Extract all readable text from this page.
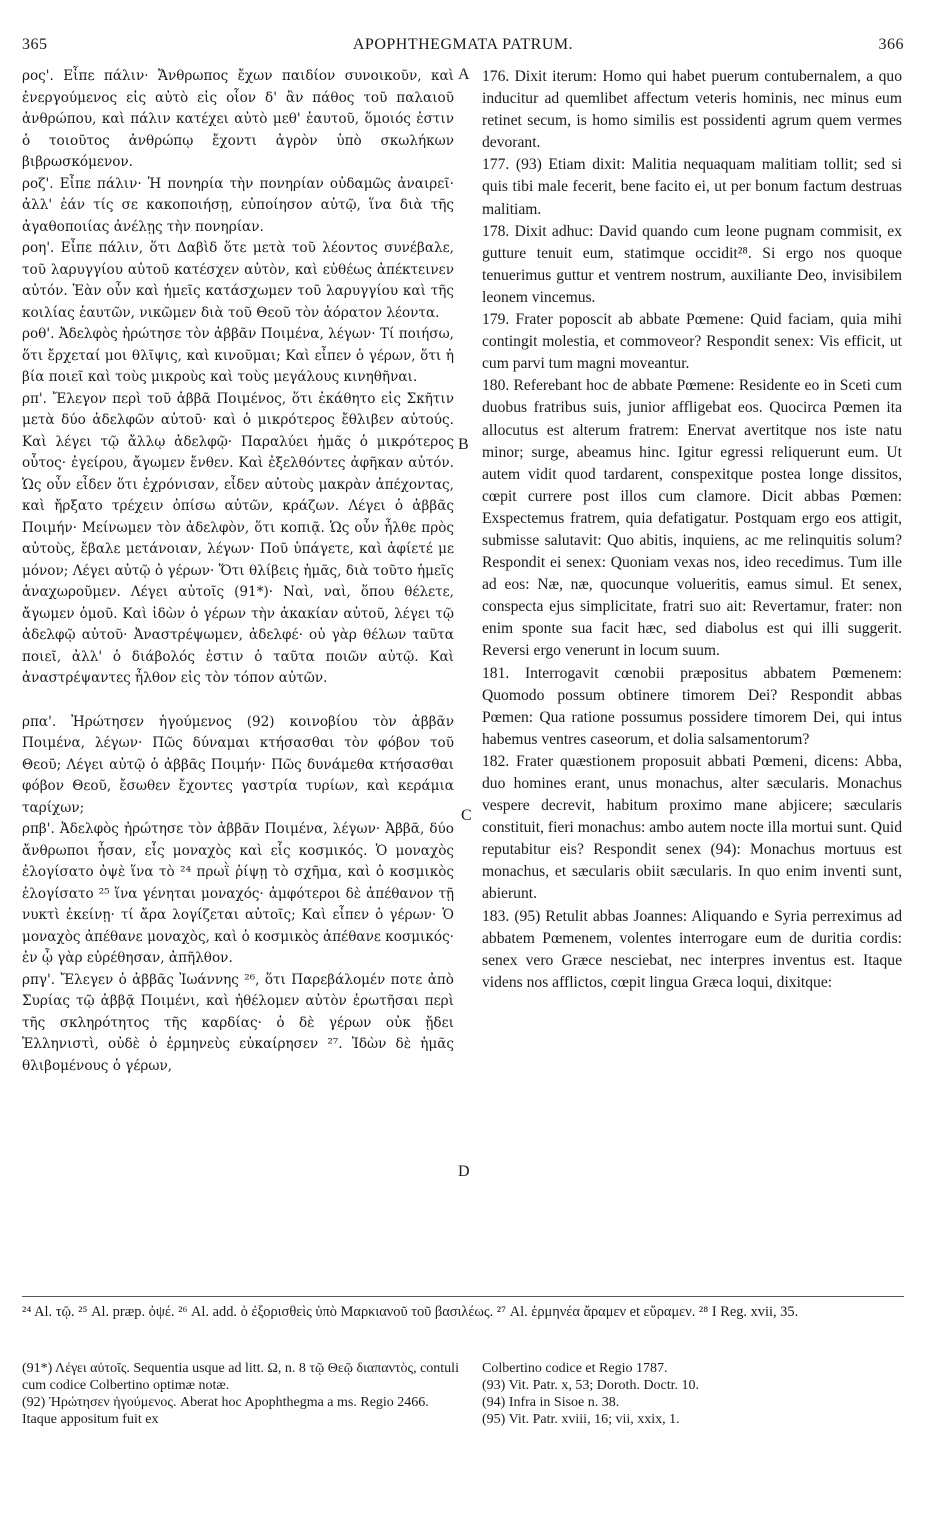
365	APOPHTHEGMATA PATRUM.	366
A
B
C
D

ρος'. Εἶπε πάλιν· Ἄνθρωπος ἔχων παιδίον συνοικοῦν, καὶ ἐνεργούμενος εἰς αὐτὸ εἰς οἷον δ' ἂν πάθος τοῦ παλαιοῦ ἀνθρώπου, καὶ πάλιν κατέχει αὐτὸ μεθ' ἑαυτοῦ, ὅμοιός ἐστιν ὁ τοιοῦτος ἀνθρώπῳ ἔχοντι ἀγρὸν ὑπὸ σκωλήκων βιβρωσκόμενον.

ροζ'. Εἶπε πάλιν· Ἡ πονηρία τὴν πονηρίαν οὐδαμῶς ἀναιρεῖ· ἀλλ' ἐάν τίς σε κακοποιήσῃ, εὐποίησον αὐτῷ, ἵνα διὰ τῆς ἀγαθοποιίας ἀνέλῃς τὴν πονηρίαν.

ροη'. Εἶπε πάλιν, ὅτι Δαβὶδ ὅτε μετὰ τοῦ λέοντος συνέβαλε, τοῦ λαρυγγίου αὐτοῦ κατέσχεν αὐτὸν, καὶ εὐθέως ἀπέκτεινεν αὐτόν. Ἐὰν οὖν καὶ ἡμεῖς κατάσχωμεν τοῦ λαρυγγίου καὶ τῆς κοιλίας ἑαυτῶν, νικῶμεν διὰ τοῦ Θεοῦ τὸν ἀόρατον λέοντα.

ροθ'. Ἀδελφὸς ἠρώτησε τὸν ἀββᾶν Ποιμένα, λέγων· Τί ποιήσω, ὅτι ἔρχεταί μοι θλῖψις, καὶ κινοῦμαι; Καὶ εἶπεν ὁ γέρων, ὅτι ἡ βία ποιεῖ καὶ τοὺς μικροὺς καὶ τοὺς μεγάλους κινηθῆναι.

ρπ'. Ἔλεγον περὶ τοῦ ἀββᾶ Ποιμένος, ὅτι ἐκάθητο εἰς Σκῆτιν μετὰ δύο ἀδελφῶν αὐτοῦ· καὶ ὁ μικρότερος ἔθλιβεν αὐτούς. Καὶ λέγει τῷ ἄλλῳ ἀδελφῷ· Παραλύει ἡμᾶς ὁ μικρότερος οὗτος· ἐγείρου, ἄγωμεν ἔνθεν. Καὶ ἐξελθόντες ἀφῆκαν αὐτόν. Ὡς οὖν εἶδεν ὅτι ἐχρόνισαν, εἶδεν αὐτοὺς μακρὰν ἀπέχοντας, καὶ ἤρξατο τρέχειν ὀπίσω αὐτῶν, κράζων. Λέγει ὁ ἀββᾶς Ποιμήν· Μείνωμεν τὸν ἀδελφὸν, ὅτι κοπιᾷ. Ὡς οὖν ἦλθε πρὸς αὐτοὺς, ἔβαλε μετάνοιαν, λέγων· Ποῦ ὑπάγετε, καὶ ἀφίετέ με μόνον; Λέγει αὐτῷ ὁ γέρων· Ὅτι θλίβεις ἡμᾶς, διὰ τοῦτο ἡμεῖς ἀναχωροῦμεν. Λέγει αὐτοῖς (91*)· Ναὶ, ναὶ, ὅπου θέλετε, ἄγωμεν ὁμοῦ. Καὶ ἰδὼν ὁ γέρων τὴν ἀκακίαν αὐτοῦ, λέγει τῷ ἀδελφῷ αὐτοῦ· Ἀναστρέψωμεν, ἀδελφέ· οὐ γὰρ θέλων ταῦτα ποιεῖ, ἀλλ' ὁ διάβολός ἐστιν ὁ ταῦτα ποιῶν αὐτῷ. Καὶ ἀναστρέψαντες ἦλθον εἰς τὸν τόπον αὐτῶν.

ρπα'. Ἠρώτησεν ἡγούμενος (92) κοινοβίου τὸν ἀββᾶν Ποιμένα, λέγων· Πῶς δύναμαι κτήσασθαι τὸν φόβον τοῦ Θεοῦ; Λέγει αὐτῷ ὁ ἀββᾶς Ποιμήν· Πῶς δυνάμεθα κτήσασθαι φόβον Θεοῦ, ἔσωθεν ἔχοντες γαστρία τυρίων, καὶ κεράμια ταρίχων;

ρπβ'. Ἀδελφὸς ἠρώτησε τὸν ἀββᾶν Ποιμένα, λέγων· Ἀββᾶ, δύο ἄνθρωποι ἦσαν, εἷς μοναχὸς καὶ εἷς κοσμικός. Ὁ μοναχὸς ἐλογίσατο ὀψὲ ἵνα τὸ ²⁴ πρωῒ ῥίψῃ τὸ σχῆμα, καὶ ὁ κοσμικὸς ἐλογίσατο ²⁵ ἵνα γένηται μοναχός· ἀμφότεροι δὲ ἀπέθανον τῇ νυκτὶ ἐκείνῃ· τί ἄρα λογίζεται αὐτοῖς; Καὶ εἶπεν ὁ γέρων· Ὁ μοναχὸς ἀπέθανε μοναχὸς, καὶ ὁ κοσμικὸς ἀπέθανε κοσμικός· ἐν ᾧ γὰρ εὑρέθησαν, ἀπῆλθον.

ρπγ'. Ἔλεγεν ὁ ἀββᾶς Ἰωάννης ²⁶, ὅτι Παρεβάλομέν ποτε ἀπὸ Συρίας τῷ ἀββᾷ Ποιμένι, καὶ ἠθέλομεν αὐτὸν ἐρωτῆσαι περὶ τῆς σκληρότητος τῆς καρδίας· ὁ δὲ γέρων οὐκ ᾔδει Ἑλληνιστὶ, οὐδὲ ὁ ἑρμηνεὺς εὐκαίρησεν ²⁷. Ἰδὼν δὲ ἡμᾶς θλιβομένους ὁ γέρων,

176. Dixit iterum: Homo qui habet puerum contubernalem, a quo inducitur ad quemlibet affectum veteris hominis, nec minus eum retinet secum, is homo similis est possidenti agrum quem vermes devorant.

177. (93) Etiam dixit: Malitia nequaquam malitiam tollit; sed si quis tibi male fecerit, bene facito ei, ut per bonum factum destruas malitiam.

178. Dixit adhuc: David quando cum leone pugnam commisit, ex gutture tenuit eum, statimque occidit²⁸. Si ergo nos quoque tenuerimus guttur et ventrem nostrum, auxiliante Deo, invisibilem leonem vincemus.

179. Frater poposcit ab abbate Pœmene: Quid faciam, quia mihi contingit molestia, et commoveor? Respondit senex: Vis efficit, ut cum parvi tum magni moveantur.

180. Referebant hoc de abbate Pœmene: Residente eo in Sceti cum duobus fratribus suis, junior affligebat eos. Quocirca Pœmen ita allocutus est alterum fratrem: Enervat avertitque nos iste natu minor; surge, abeamus hinc. Igitur egressi reliquerunt eum. Ut autem vidit quod tardarent, conspexitque postea longe dissitos, cœpit currere post illos cum clamore. Dicit abbas Pœmen: Exspectemus fratrem, quia defatigatur. Postquam ergo eos attigit, submisse salutavit: Quo abitis, inquiens, ac me relinquitis solum? Respondit ei senex: Quoniam vexas nos, ideo recedimus. Tum ille ad eos: Næ, næ, quocunque volueritis, eamus simul. Et senex, conspecta ejus simplicitate, fratri suo ait: Revertamur, frater: non enim sponte sua facit hæc, sed diabolus est qui illi suggerit. Reversi ergo venerunt in locum suum.

181. Interrogavit cœnobii præpositus abbatem Pœmenem: Quomodo possum obtinere timorem Dei? Respondit abbas Pœmen: Qua ratione possumus possidere timorem Dei, qui intus habemus ventres caseorum, et dolia salsamentorum?

182. Frater quæstionem proposuit abbati Pœmeni, dicens: Abba, duo homines erant, unus monachus, alter sæcularis. Monachus vespere decrevit, habitum proximo mane abjicere; sæcularis constituit, fieri monachus: ambo autem nocte illa mortui sunt. Quid reputabitur eis? Respondit senex (94): Monachus mortuus est monachus, et sæcularis obiit sæcularis. In quo enim inventi sunt, abierunt.

183. (95) Retulit abbas Joannes: Aliquando e Syria perreximus ad abbatem Pœmenem, volentes interrogare eum de duritia cordis: senex vero Græce nesciebat, nec interpres inventus est. Itaque videns nos afflictos, cœpit lingua Græca loqui, dixitque:

²⁴ Al. τῷ. ²⁵ Al. præp. ὀψέ. ²⁶ Al. add. ὁ ἐξορισθεὶς ὑπὸ Μαρκιανοῦ τοῦ βασιλέως. ²⁷ Al. ἑρμηνέα ἄραμεν et εὕραμεν. ²⁸ I Reg. xvii, 35.

(91*) Λέγει αὐτοῖς. Sequentia usque ad litt. Ω, n. 8 τῷ Θεῷ διαπαντὸς, contuli cum codice Colbertino optimæ notæ.

(92) Ἠρώτησεν ἡγούμενος. Aberat hoc Apophthegma a ms. Regio 2466. Itaque appositum fuit ex

Colbertino codice et Regio 1787.

(93) Vit. Patr. x, 53; Doroth. Doctr. 10.

(94) Infra in Sisoe n. 38.

(95) Vit. Patr. xviii, 16; vii, xxix, 1.
